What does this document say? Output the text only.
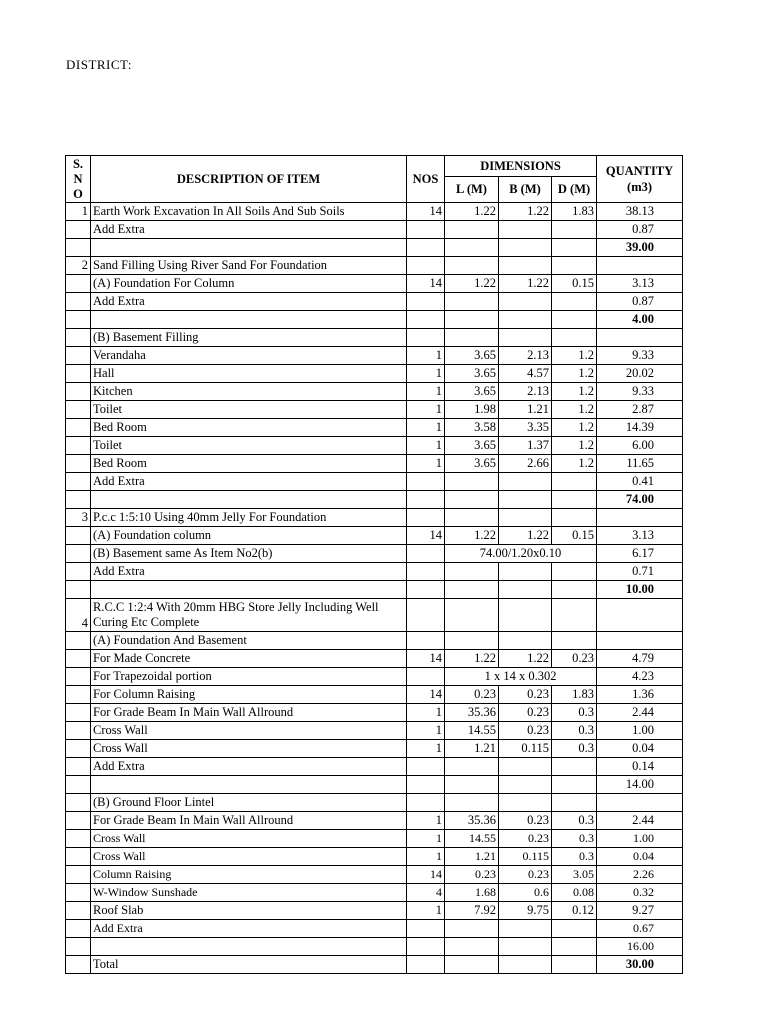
DISTRICT:
S. N O	DESCRIPTION OF ITEM	NOS	DIMENSIONS			QUANTITY
(m3)
			L (M)	B (M)	D (M)	
1	Earth Work Excavation In All Soils And Sub Soils	14	1.22	1.22	1.83	38.13
	Add Extra					0.87
						39.00
2	Sand Filling Using River Sand For Foundation					
	(A) Foundation For Column	14	1.22	1.22	0.15	3.13
	Add Extra					0.87
						4.00
	(B) Basement Filling					
	Verandaha	1	3.65	2.13	1.2	9.33
	Hall	1	3.65	4.57	1.2	20.02
	Kitchen	1	3.65	2.13	1.2	9.33
	Toilet	1	1.98	1.21	1.2	2.87
	Bed Room	1	3.58	3.35	1.2	14.39
	Toilet	1	3.65	1.37	1.2	6.00
	Bed Room	1	3.65	2.66	1.2	11.65
	Add Extra					0.41
						74.00
3	P.c.c 1:5:10 Using 40mm Jelly For Foundation					
	(A) Foundation column	14	1.22	1.22	0.15	3.13
	(B) Basement same As Item No2(b)		74.00/1.20x0.10			6.17
	Add Extra					0.71
						10.00
4	R.C.C 1:2:4 With 20mm HBG Store Jelly Including Well Curing Etc Complete					
	(A) Foundation And Basement					
	For Made Concrete	14	1.22	1.22	0.23	4.79
	For Trapezoidal portion		1 x 14 x 0.302			4.23
	For Column Raising	14	0.23	0.23	1.83	1.36
	For Grade Beam In Main Wall Allround	1	35.36	0.23	0.3	2.44
	Cross Wall	1	14.55	0.23	0.3	1.00
	Cross Wall	1	1.21	0.115	0.3	0.04
	Add Extra					0.14
						14.00
	(B) Ground Floor Lintel					
	For Grade Beam In Main Wall Allround	1	35.36	0.23	0.3	2.44
	Cross Wall	1	14.55	0.23	0.3	1.00
	Cross Wall	1	1.21	0.115	0.3	0.04
	Column Raising	14	0.23	0.23	3.05	2.26
	W-Window Sunshade	4	1.68	0.6	0.08	0.32
	Roof Slab	1	7.92	9.75	0.12	9.27
	Add Extra					0.67
						16.00
	Total					30.00
